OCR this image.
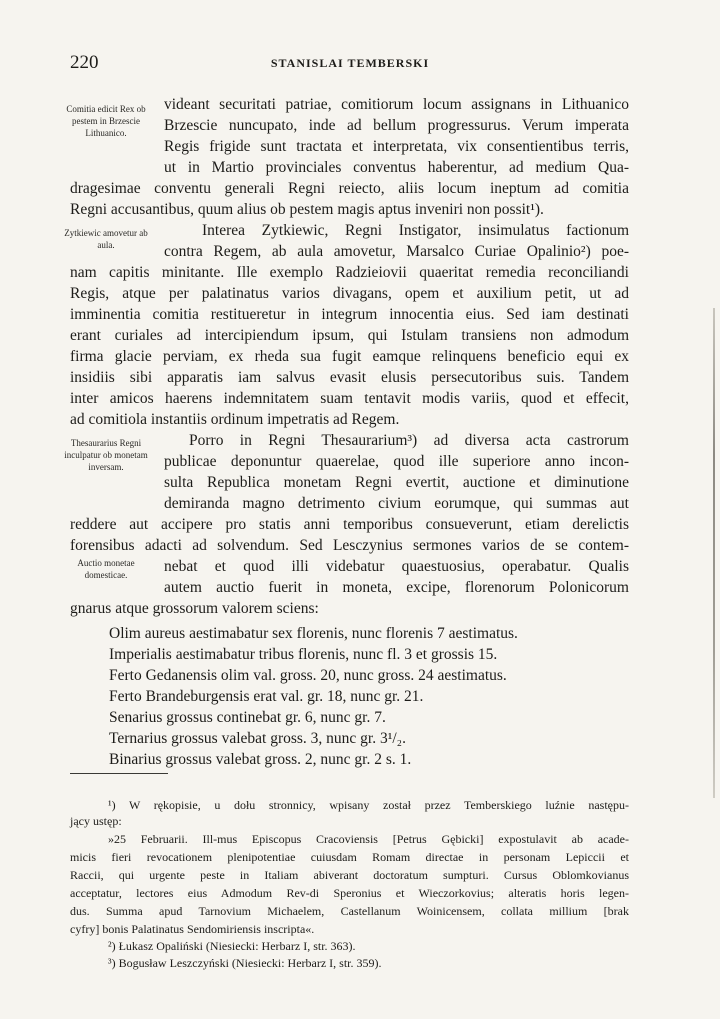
220	STANISLAI TEMBERSKI
Comitia edicit Rex ob pestem in Brzescie Lithuanico.
Zytkiewic amovetur ab aula.
Thesaurarius Regni inculpatur ob monetam inversam.
Auctio monetae domesticae.
videant securitati patriae, comitiorum locum assignans in Lithuanico
Brzescie nuncupato, inde ad bellum progressurus. Verum imperata
Regis frigide sunt tractata et interpretata, vix consentientibus terris,
ut in Martio provinciales conventus haberentur, ad medium Qua-
dragesimae conventu generali Regni reiecto, aliis locum ineptum ad comitia
Regni accusantibus, quum alius ob pestem magis aptus inveniri non possit¹).
Interea Zytkiewic, Regni Instigator, insimulatus factionum
contra Regem, ab aula amovetur, Marsalco Curiae Opalinio²) poe-
nam capitis minitante. Ille exemplo Radzieiovii quaeritat remedia reconciliandi
Regis, atque per palatinatus varios divagans, opem et auxilium petit, ut ad
imminentia comitia restitueretur in integrum innocentia eius. Sed iam destinati
erant curiales ad intercipiendum ipsum, qui Istulam transiens non admodum
firma glacie perviam, ex rheda sua fugit eamque relinquens beneficio equi ex
insidiis sibi apparatis iam salvus evasit elusis persecutoribus suis. Tandem
inter amicos haerens indemnitatem suam tentavit modis variis, quod et effecit,
ad comitiola instantiis ordinum impetratis ad Regem.
Porro in Regni Thesaurarium³) ad diversa acta castrorum
publicae deponuntur quaerelae, quod ille superiore anno incon-
sulta Republica monetam Regni evertit, auctione et diminutione
demiranda magno detrimento civium eorumque, qui summas aut
reddere aut accipere pro statis anni temporibus consueverunt, etiam derelictis
forensibus adacti ad solvendum. Sed Lesczynius sermones varios de se contem-
nebat et quod illi videbatur quaestuosius, operabatur. Qualis
autem auctio fuerit in moneta, excipe, florenorum Polonicorum
gnarus atque grossorum valorem sciens:
Olim aureus aestimabatur sex florenis, nunc florenis 7 aestimatus.
Imperialis aestimabatur tribus florenis, nunc fl. 3 et grossis 15.
Ferto Gedanensis olim val. gross. 20, nunc gross. 24 aestimatus.
Ferto Brandeburgensis erat val. gr. 18, nunc gr. 21.
Senarius grossus continebat gr. 6, nunc gr. 7.
Ternarius grossus valebat gross. 3, nunc gr. 3¹/₂.
Binarius grossus valebat gross. 2, nunc gr. 2 s. 1.
¹) W rękopisie, u dołu stronnicy, wpisany został przez Temberskiego luźnie następu-
jący ustęp:
»25 Februarii. Ill-mus Episcopus Cracoviensis [Petrus Gębicki] expostulavit ab acade-
micis fieri revocationem plenipotentiae cuiusdam Romam directae in personam Lepiccii et
Raccii, qui urgente peste in Italiam abiverant doctoratum sumpturi. Cursus Oblomkovianus
acceptatur, lectores eius Admodum Rev-di Speronius et Wieczorkovius; alteratis horis legen-
dus. Summa apud Tarnovium Michaelem, Castellanum Woinicensem, collata millium [brak
cyfry] bonis Palatinatus Sendomiriensis inscripta«.
²) Łukasz Opaliński (Niesiecki: Herbarz I, str. 363).
³) Bogusław Leszczyński (Niesiecki: Herbarz I, str. 359).
